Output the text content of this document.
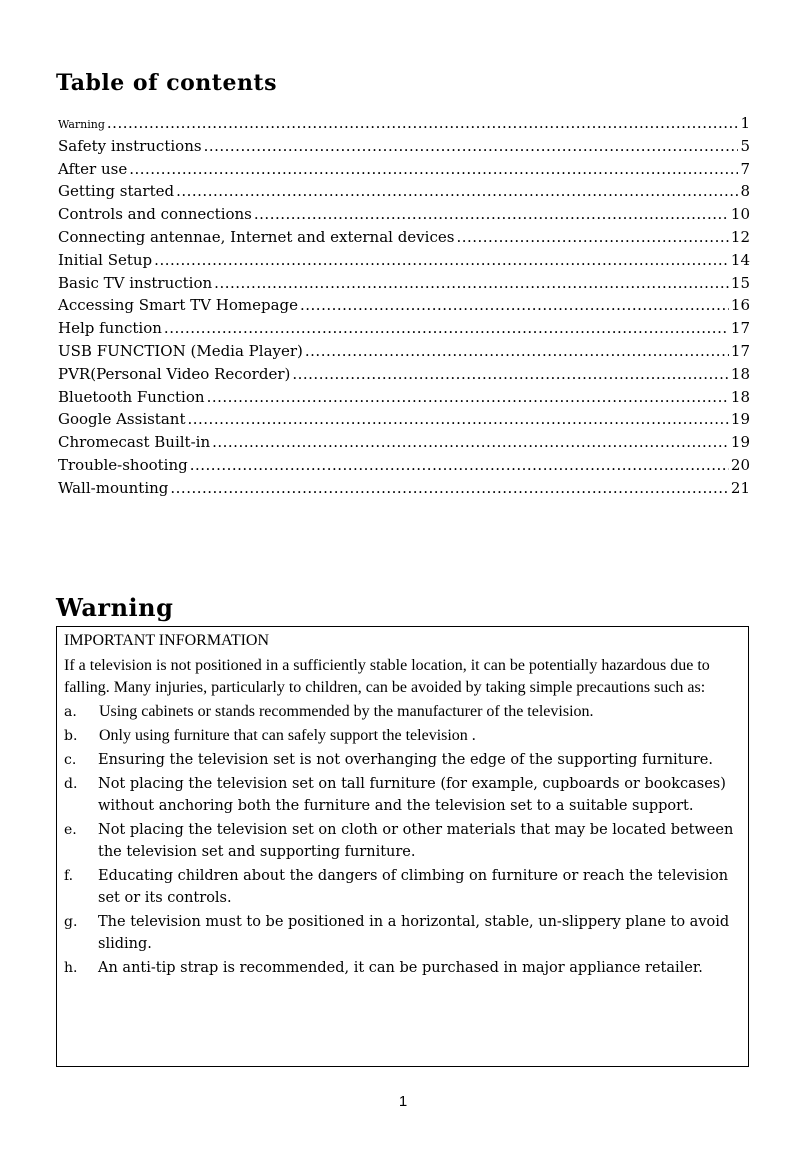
Table of contents
Warning .....	1
Safety instructions .....	5
After use .....	7
Getting started .....	8
Controls and connections .....	10
Connecting antennae, Internet and external devices .....	12
Initial Setup .....	14
Basic TV instruction .....	15
Accessing Smart TV Homepage .....	16
Help function .....	17
USB FUNCTION (Media Player) .....	17
PVR(Personal Video Recorder) .....	18
Bluetooth Function .....	18
Google Assistant .....	19
Chromecast Built-in .....	19
Trouble-shooting .....	20
Wall-mounting .....	21
Warning

IMPORTANT INFORMATION

If a television is not positioned in a sufficiently stable location, it can be potentially hazardous due to falling. Many injuries, particularly to children, can be avoided by taking simple precautions such as:

a.	Using cabinets or stands recommended by the manufacturer of the television.
b.	Only using furniture that can safely support the television .
c.	Ensuring the television set is not overhanging the edge of the supporting furniture.
d.	Not placing the television set on tall furniture (for example, cupboards or bookcases) without anchoring both the furniture and the television set to a suitable support.
e.	Not placing the television set on cloth or other materials that may be located between the television set and supporting furniture.
f.	Educating children about the dangers of climbing on furniture or reach the television set or its controls.
g.	The television must to be positioned in a horizontal, stable, un-slippery plane to avoid sliding.
h.	An anti-tip strap is recommended, it can be purchased in major appliance retailer.
1
